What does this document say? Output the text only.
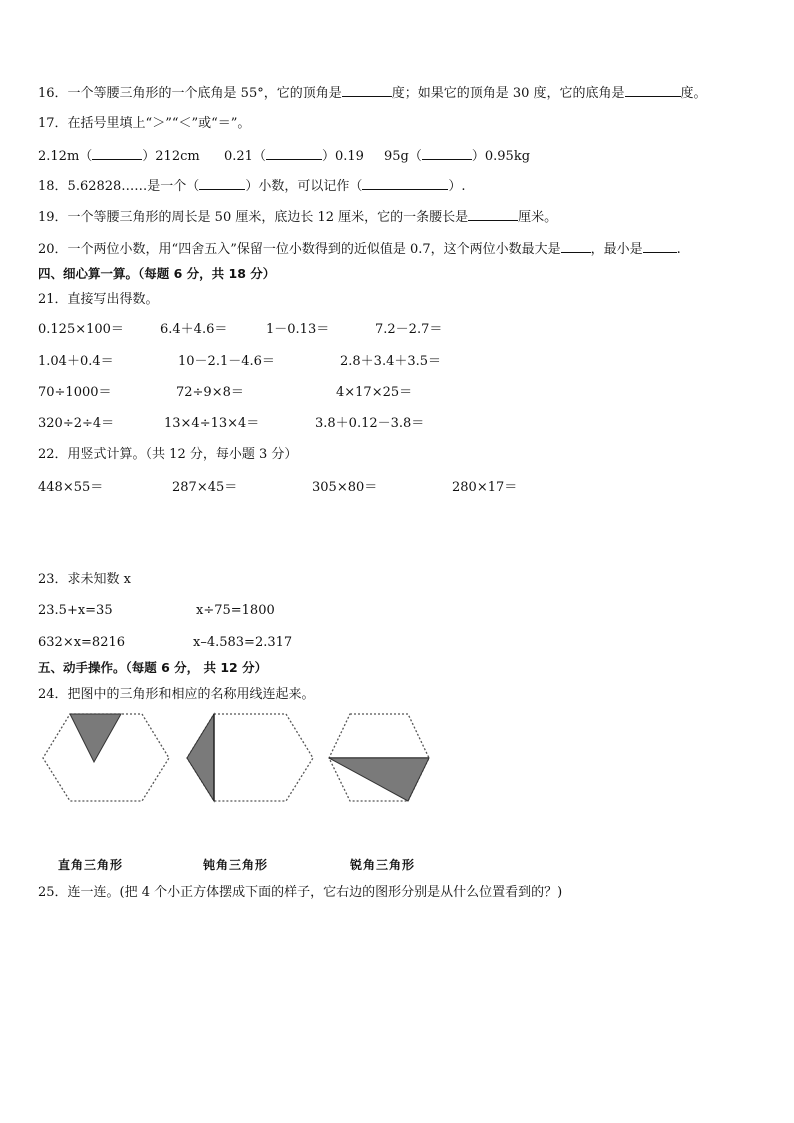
16．一个等腰三角形的一个底角是 55°，它的顶角是	度；如果它的顶角是 30 度，它的底角是	度。
17．在括号里填上“＞”“＜”或“＝”。
2.12m（	）212cm 0.21（	）0.19 95g（	）0.95kg
18．5.62828……是一个（	）小数，可以记作（	）.
19．一个等腰三角形的周长是 50 厘米，底边长 12 厘米，它的一条腰长是	厘米。
20．一个两位小数，用“四舍五入”保留一位小数得到的近似值是 0.7，这个两位小数最大是 ，最小是	.
四、细心算一算。（每题 6 分，共 18 分）
21．直接写出得数。
0.125×100＝	6.4＋4.6＝	1－0.13＝	7.2－2.7＝
1.04＋0.4＝	10－2.1－4.6＝	2.8＋3.4＋3.5＝
70÷1000＝	72÷9×8＝	4×17×25＝
320÷2÷4＝	13×4÷13×4＝	3.8＋0.12－3.8＝
22．用竖式计算。（共 12 分，每小题 3 分）
448×55＝	287×45＝	305×80＝	280×17＝
23．求未知数 x
23.5+x=35	x÷75=1800
632×x=8216	x–4.583=2.317
五、动手操作。（每题 6 分， 共 12 分）
24．把图中的三角形和相应的名称用线连起来。
直角三角形	钝角三角形	锐角三角形
25．连一连。(把 4 个小正方体摆成下面的样子，它右边的图形分别是从什么位置看到的？)
